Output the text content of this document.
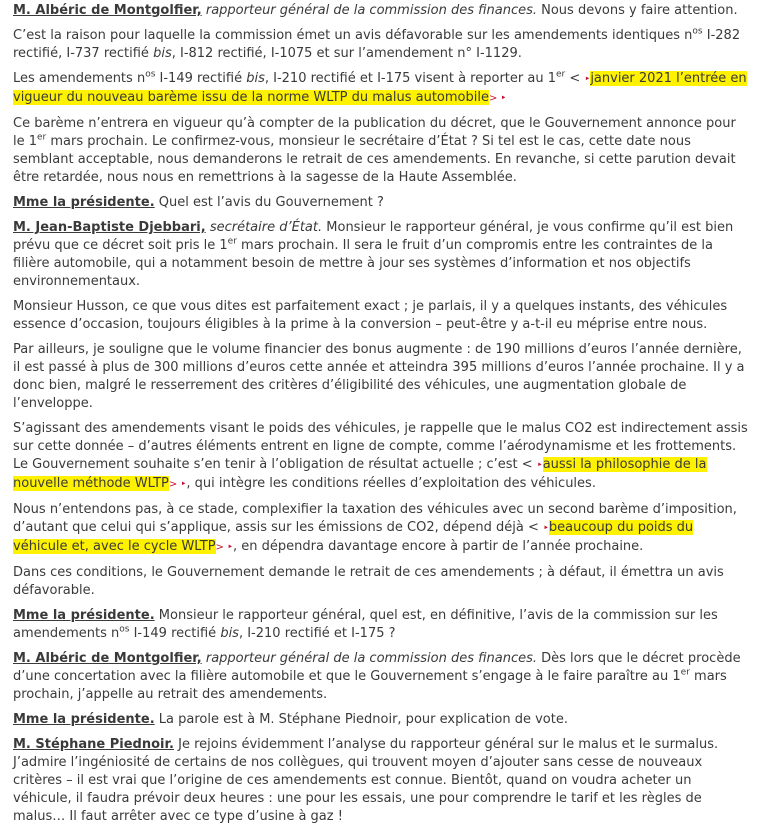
M. Albéric de Montgolfier, rapporteur général de la commission des finances. Nous devons y faire attention.

C’est la raison pour laquelle la commission émet un avis défavorable sur les amendements identiques $n^{os}$ I-282 rectifié, I-737 rectifié bis, I-812 rectifié, I-1075 et sur l’amendement n° I-1129.

Les amendements $n^{os}$ I-149 rectifié bis, I-210 rectifié et I-175 visent à reporter au 1er < ‣janvier 2021 l’entrée en vigueur du nouveau barème issu de la norme WLTP du malus automobile> ‣

Ce barème n’entrera en vigueur qu’à compter de la publication du décret, que le Gouvernement annonce pour le 1er mars prochain. Le confirmez-vous, monsieur le secrétaire d’État ? Si tel est le cas, cette date nous semblant acceptable, nous demanderons le retrait de ces amendements. En revanche, si cette parution devait être retardée, nous nous en remettrions à la sagesse de la Haute Assemblée.

Mme la présidente. Quel est l’avis du Gouvernement ?

M. Jean-Baptiste Djebbari, secrétaire d’État. Monsieur le rapporteur général, je vous confirme qu’il est bien prévu que ce décret soit pris le 1er mars prochain. Il sera le fruit d’un compromis entre les contraintes de la filière automobile, qui a notamment besoin de mettre à jour ses systèmes d’information et nos objectifs environnementaux.

Monsieur Husson, ce que vous dites est parfaitement exact ; je parlais, il y a quelques instants, des véhicules essence d’occasion, toujours éligibles à la prime à la conversion – peut-être y a-t-il eu méprise entre nous.

Par ailleurs, je souligne que le volume financier des bonus augmente : de 190 millions d’euros l’année dernière, il est passé à plus de 300 millions d’euros cette année et atteindra 395 millions d’euros l’année prochaine. Il y a donc bien, malgré le resserrement des critères d’éligibilité des véhicules, une augmentation globale de l’enveloppe.

S’agissant des amendements visant le poids des véhicules, je rappelle que le malus CO2 est indirectement assis sur cette donnée – d’autres éléments entrent en ligne de compte, comme l’aérodynamisme et les frottements. Le Gouvernement souhaite s’en tenir à l’obligation de résultat actuelle ; c’est < ‣aussi la philosophie de la nouvelle méthode WLTP> ‣, qui intègre les conditions réelles d’exploitation des véhicules.

Nous n’entendons pas, à ce stade, complexifier la taxation des véhicules avec un second barème d’imposition, d’autant que celui qui s’applique, assis sur les émissions de CO2, dépend déjà < ‣beaucoup du poids du véhicule et, avec le cycle WLTP> ‣, en dépendra davantage encore à partir de l’année prochaine.

Dans ces conditions, le Gouvernement demande le retrait de ces amendements ; à défaut, il émettra un avis défavorable.

Mme la présidente. Monsieur le rapporteur général, quel est, en définitive, l’avis de la commission sur les amendements $n^{os}$ I-149 rectifié bis, I-210 rectifié et I-175 ?

M. Albéric de Montgolfier, rapporteur général de la commission des finances. Dès lors que le décret procède d’une concertation avec la filière automobile et que le Gouvernement s’engage à le faire paraître au 1er mars prochain, j’appelle au retrait des amendements.

Mme la présidente. La parole est à M. Stéphane Piednoir, pour explication de vote.

M. Stéphane Piednoir. Je rejoins évidemment l’analyse du rapporteur général sur le malus et le surmalus. J’admire l’ingéniosité de certains de nos collègues, qui trouvent moyen d’ajouter sans cesse de nouveaux critères – il est vrai que l’origine de ces amendements est connue. Bientôt, quand on voudra acheter un véhicule, il faudra prévoir deux heures : une pour les essais, une pour comprendre le tarif et les règles de malus… Il faut arrêter avec ce type d’usine à gaz !
